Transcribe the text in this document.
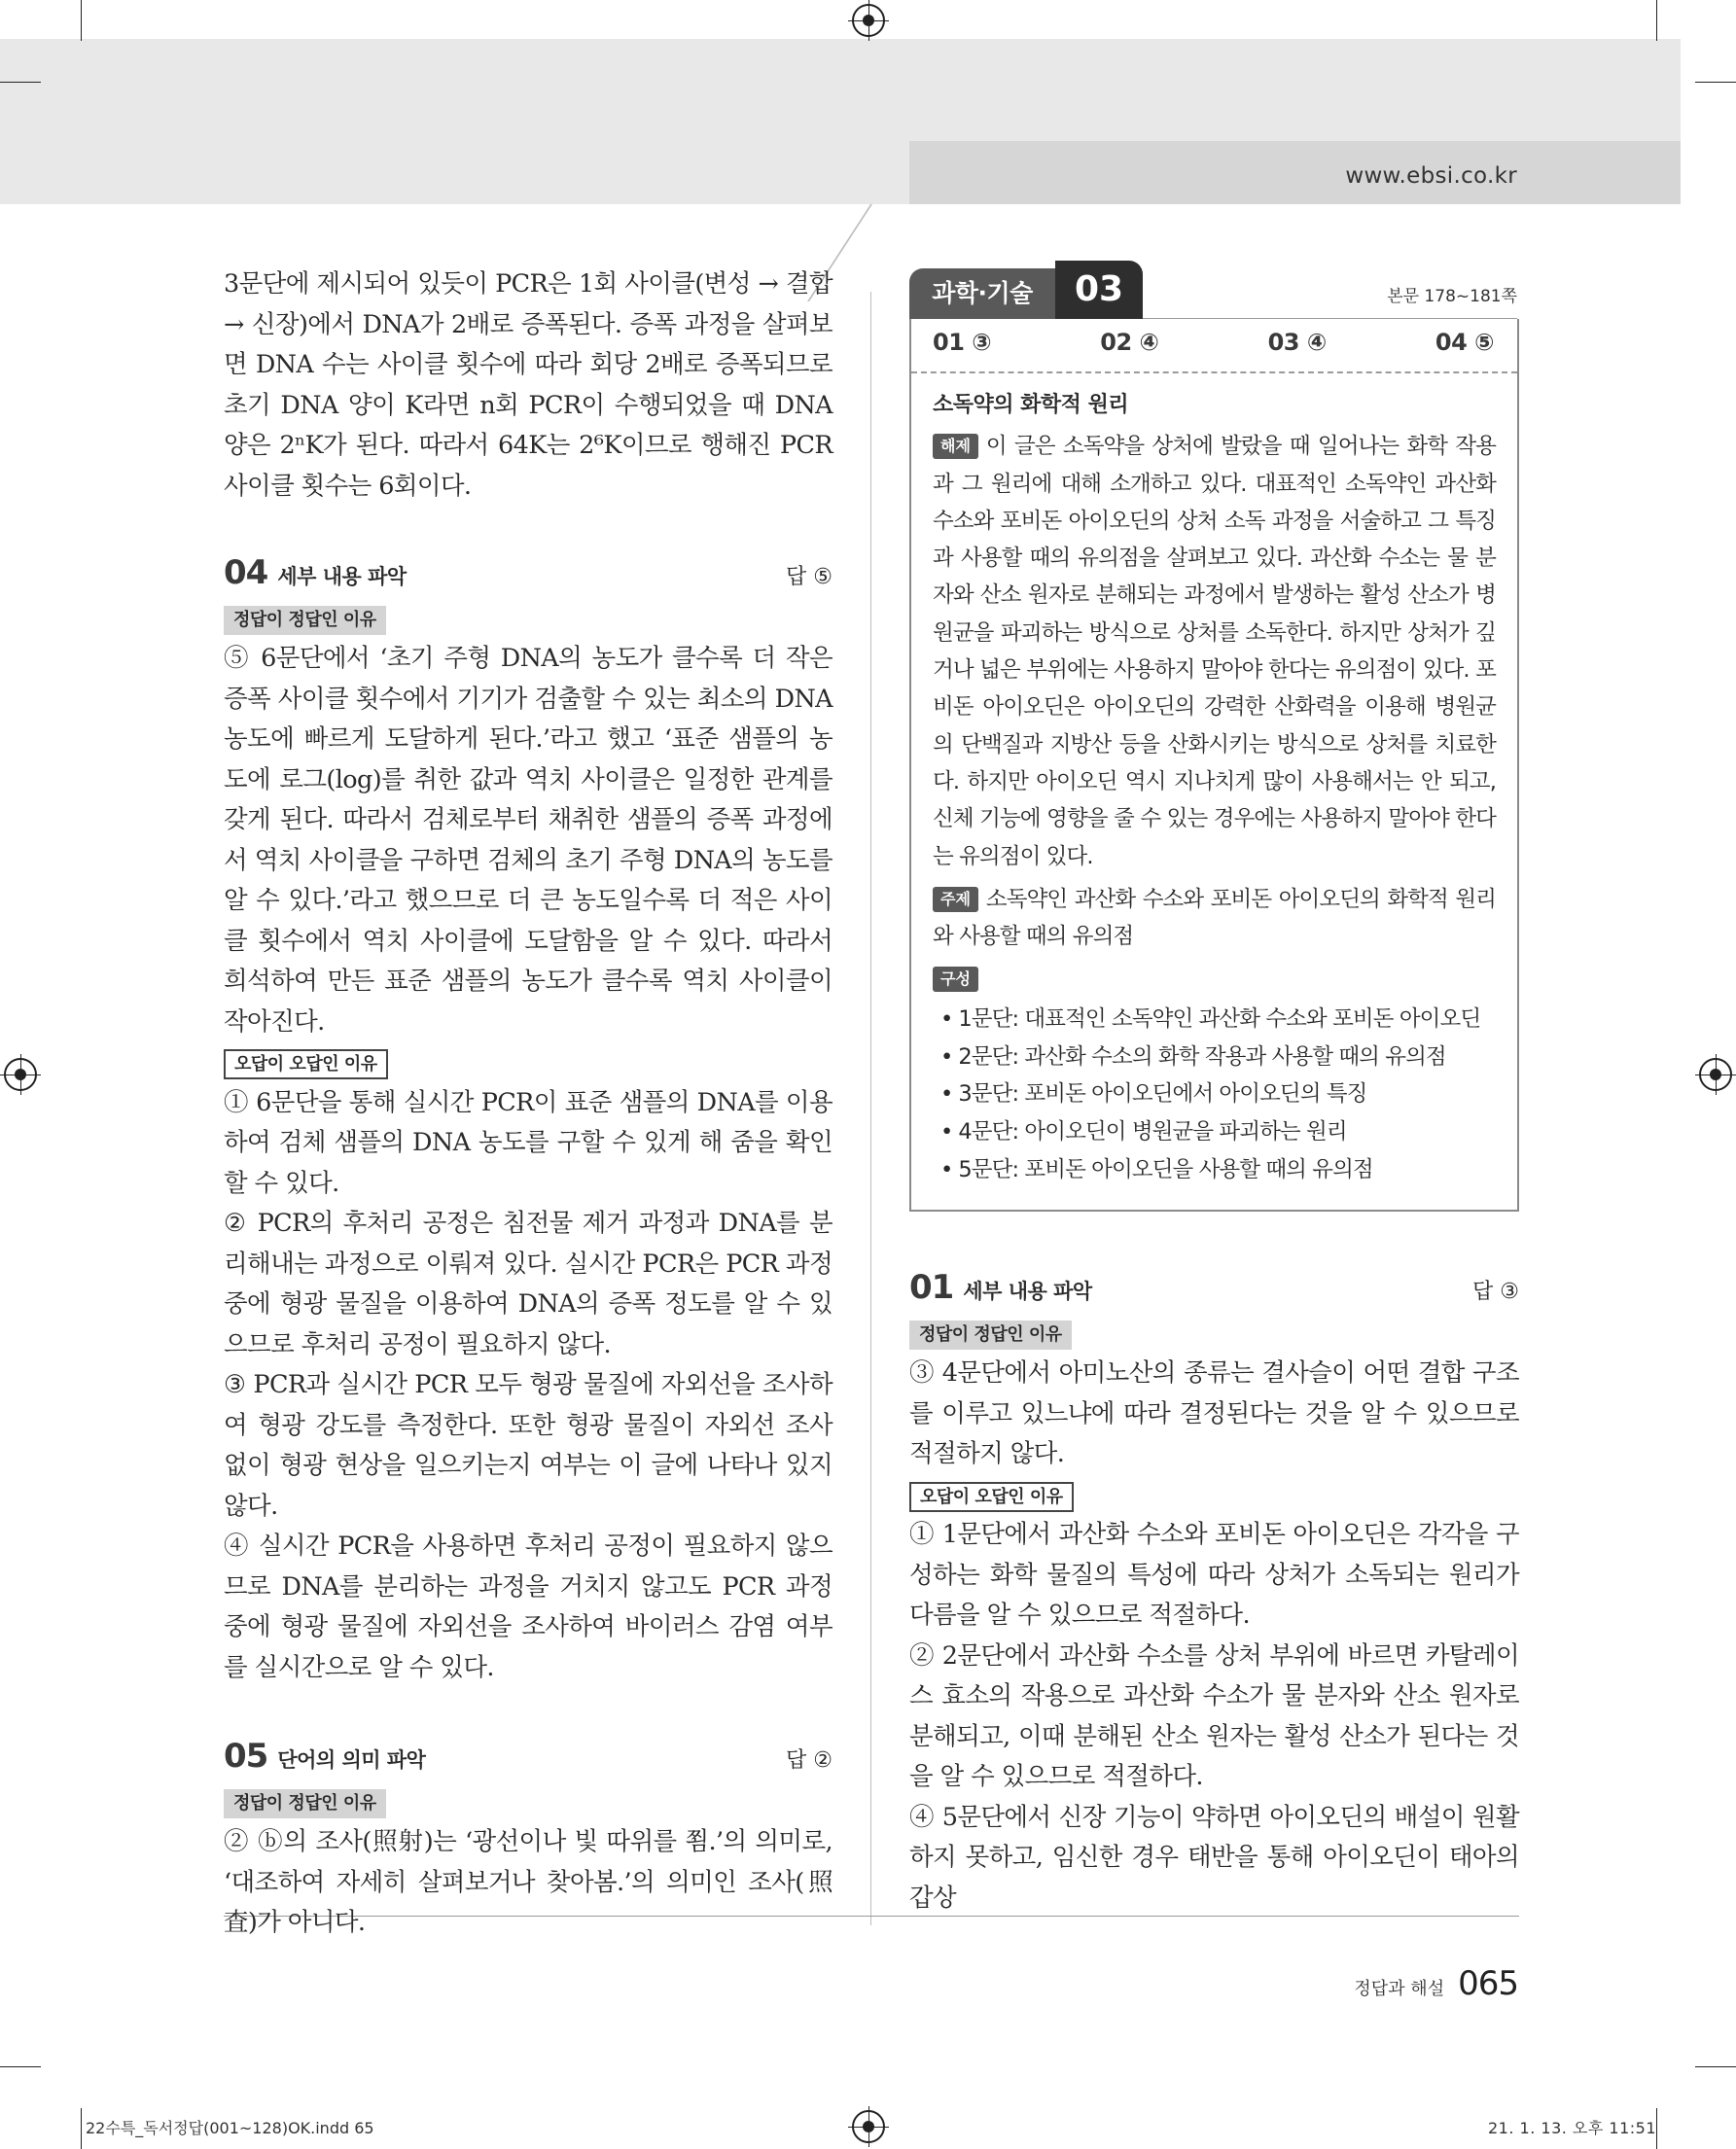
www.ebsi.co.kr

3문단에 제시되어 있듯이 PCR은 1회 사이클(변성 → 결합 → 신장)에서 DNA가 2배로 증폭된다. 증폭 과정을 살펴보면 DNA 수는 사이클 횟수에 따라 회당 2배로 증폭되므로 초기 DNA 양이 K라면 n회 PCR이 수행되었을 때 DNA 양은 2ⁿK가 된다. 따라서 64K는 2⁶K이므로 행해진 PCR 사이클 횟수는 6회이다.

04 세부 내용 파악	답 ⑤
정답이 정답인 이유

⑤ 6문단에서 ‘초기 주형 DNA의 농도가 클수록 더 작은 증폭 사이클 횟수에서 기기가 검출할 수 있는 최소의 DNA 농도에 빠르게 도달하게 된다.’라고 했고 ‘표준 샘플의 농도에 로그(log)를 취한 값과 역치 사이클은 일정한 관계를 갖게 된다. 따라서 검체로부터 채취한 샘플의 증폭 과정에서 역치 사이클을 구하면 검체의 초기 주형 DNA의 농도를 알 수 있다.’라고 했으므로 더 큰 농도일수록 더 적은 사이클 횟수에서 역치 사이클에 도달함을 알 수 있다. 따라서 희석하여 만든 표준 샘플의 농도가 클수록 역치 사이클이 작아진다.

오답이 오답인 이유

① 6문단을 통해 실시간 PCR이 표준 샘플의 DNA를 이용하여 검체 샘플의 DNA 농도를 구할 수 있게 해 줌을 확인할 수 있다.

② PCR의 후처리 공정은 침전물 제거 과정과 DNA를 분리해내는 과정으로 이뤄져 있다. 실시간 PCR은 PCR 과정 중에 형광 물질을 이용하여 DNA의 증폭 정도를 알 수 있으므로 후처리 공정이 필요하지 않다.

③ PCR과 실시간 PCR 모두 형광 물질에 자외선을 조사하여 형광 강도를 측정한다. 또한 형광 물질이 자외선 조사 없이 형광 현상을 일으키는지 여부는 이 글에 나타나 있지 않다.

④ 실시간 PCR을 사용하면 후처리 공정이 필요하지 않으므로 DNA를 분리하는 과정을 거치지 않고도 PCR 과정 중에 형광 물질에 자외선을 조사하여 바이러스 감염 여부를 실시간으로 알 수 있다.

05 단어의 의미 파악	답 ②
정답이 정답인 이유

② ⓑ의 조사(照射)는 ‘광선이나 빛 따위를 쬠.’의 의미로, ‘대조하여 자세히 살펴보거나 찾아봄.’의 의미인 조사(照査)가 아니다.

과학·기술	03	본문 178~181쪽
01 ③	02 ④	03 ④	04 ⑤
소독약의 화학적 원리
해제 이 글은 소독약을 상처에 발랐을 때 일어나는 화학 작용과 그 원리에 대해 소개하고 있다. 대표적인 소독약인 과산화 수소와 포비돈 아이오딘의 상처 소독 과정을 서술하고 그 특징과 사용할 때의 유의점을 살펴보고 있다. 과산화 수소는 물 분자와 산소 원자로 분해되는 과정에서 발생하는 활성 산소가 병원균을 파괴하는 방식으로 상처를 소독한다. 하지만 상처가 깊거나 넓은 부위에는 사용하지 말아야 한다는 유의점이 있다. 포비돈 아이오딘은 아이오딘의 강력한 산화력을 이용해 병원균의 단백질과 지방산 등을 산화시키는 방식으로 상처를 치료한다. 하지만 아이오딘 역시 지나치게 많이 사용해서는 안 되고, 신체 기능에 영향을 줄 수 있는 경우에는 사용하지 말아야 한다는 유의점이 있다.
주제 소독약인 과산화 수소와 포비돈 아이오딘의 화학적 원리와 사용할 때의 유의점
구성
• 1문단: 대표적인 소독약인 과산화 수소와 포비돈 아이오딘
• 2문단: 과산화 수소의 화학 작용과 사용할 때의 유의점
• 3문단: 포비돈 아이오딘에서 아이오딘의 특징
• 4문단: 아이오딘이 병원균을 파괴하는 원리
• 5문단: 포비돈 아이오딘을 사용할 때의 유의점
01 세부 내용 파악	답 ③
정답이 정답인 이유

③ 4문단에서 아미노산의 종류는 결사슬이 어떤 결합 구조를 이루고 있느냐에 따라 결정된다는 것을 알 수 있으므로 적절하지 않다.

오답이 오답인 이유

① 1문단에서 과산화 수소와 포비돈 아이오딘은 각각을 구성하는 화학 물질의 특성에 따라 상처가 소독되는 원리가 다름을 알 수 있으므로 적절하다.

② 2문단에서 과산화 수소를 상처 부위에 바르면 카탈레이스 효소의 작용으로 과산화 수소가 물 분자와 산소 원자로 분해되고, 이때 분해된 산소 원자는 활성 산소가 된다는 것을 알 수 있으므로 적절하다.

④ 5문단에서 신장 기능이 약하면 아이오딘의 배설이 원활하지 못하고, 임신한 경우 태반을 통해 아이오딘이 태아의 갑상

정답과 해설 065
22수특_독서정답(001~128)OK.indd 65	21. 1. 13. 오후 11:51
